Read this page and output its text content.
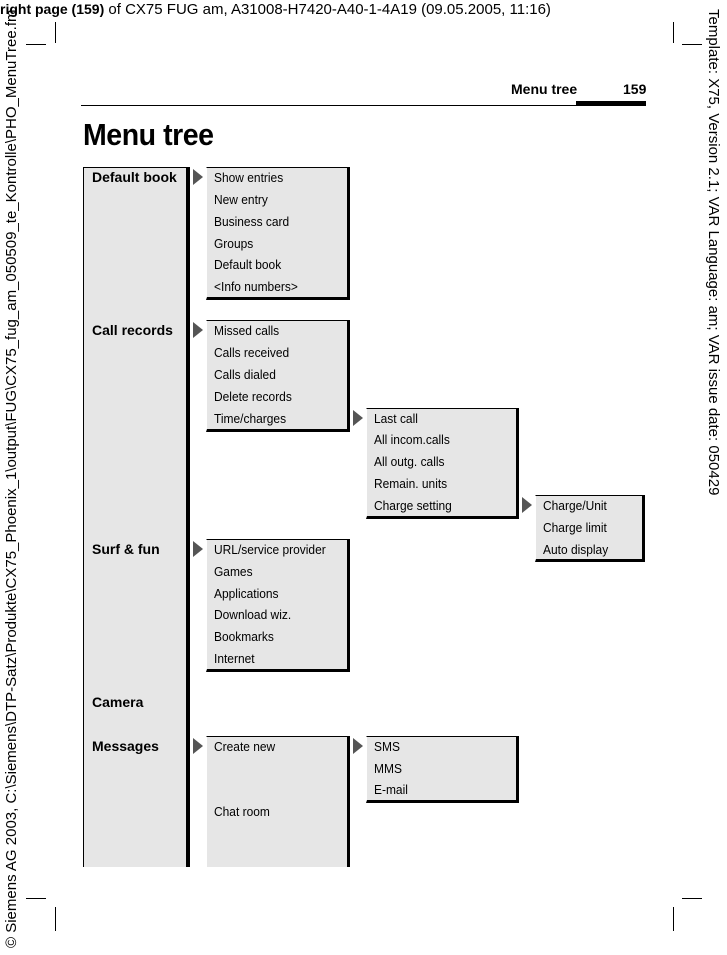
right page (159) of CX75 FUG am, A31008-H7420-A40-1-4A19 (09.05.2005, 11:16)	Template: X75, Version 2.1; VAR Language: am; VAR issue date: 050429
© Siemens AG 2003, C:\Siemens\DTP-Satz\Produkte\CX75_Phoenix_1\output\FUG\CX75_fug_am_050509_te_Kontrolle\PHO_MenuTree.fm	Menu tree	159
Menu tree
Default book
Call records
Surf & fun
Camera
Messages
Show entries
New entry
Business card
Groups
Default book
<Info numbers>
Missed calls
Calls received
Calls dialed
Delete records
Time/charges	Last call
All incom.calls
All outg. calls
Remain. units
Charge setting	Charge/Unit
Charge limit
Auto display
URL/service provider
Games
Applications
Download wiz.
Bookmarks
Internet
Create new
Chat room
SMS
MMS
E-mail
